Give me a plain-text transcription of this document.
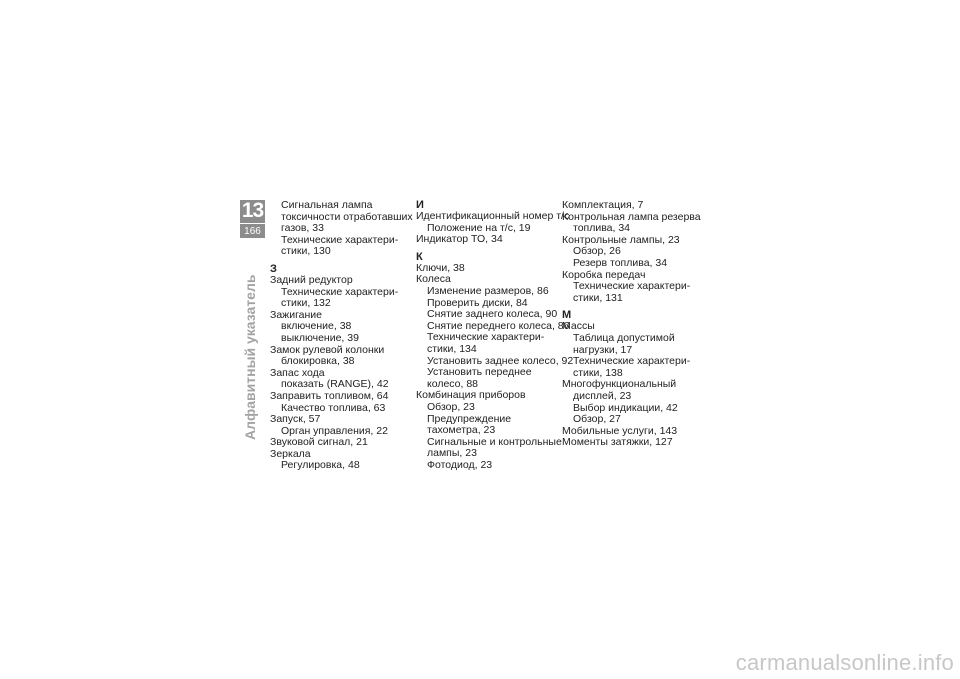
13
166
Алфавитный указатель
Сигнальная лампа
токсичности отработавших
газов, 33
Технические характери-
стики, 130
З
Задний редуктор
Технические характери-
стики, 132
Зажигание
включение, 38
выключение, 39
Замок рулевой колонки
блокировка, 38
Запас хода
показать (RANGE), 42
Заправить топливом, 64
Качество топлива, 63
Запуск, 57
Орган управления, 22
Звуковой сигнал, 21
Зеркала
Регулировка, 48
И
Идентификационный номер т/с
Положение на т/с, 19
Индикатор ТО, 34
К
Ключи, 38
Колеса
Изменение размеров, 86
Проверить диски, 84
Снятие заднего колеса, 90
Снятие переднего колеса, 86
Технические характери-
стики, 134
Установить заднее колесо, 92
Установить переднее
колесо, 88
Комбинация приборов
Обзор, 23
Предупреждение
тахометра, 23
Сигнальные и контрольные
лампы, 23
Фотодиод, 23
Комплектация, 7
Контрольная лампа резерва
топлива, 34
Контрольные лампы, 23
Обзор, 26
Резерв топлива, 34
Коробка передач
Технические характери-
стики, 131
М
Массы
Таблица допустимой
нагрузки, 17
Технические характери-
стики, 138
Многофункциональный
дисплей, 23
Выбор индикации, 42
Обзор, 27
Мобильные услуги, 143
Моменты затяжки, 127
carmanualsonline.info
